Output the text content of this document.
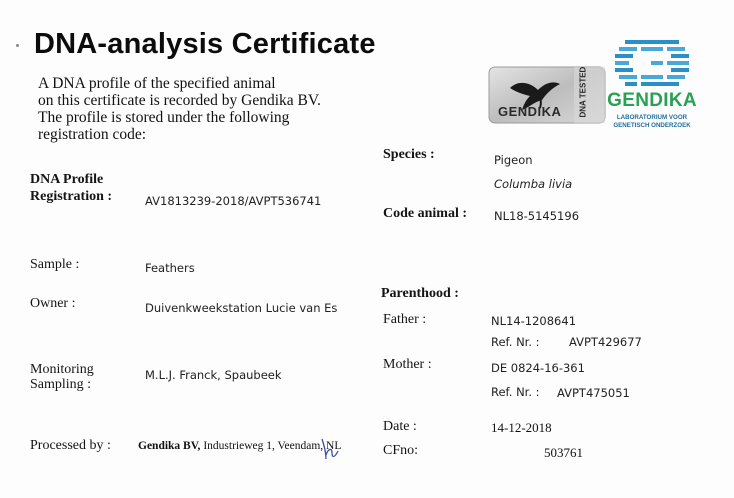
DNA-analysis Certificate
A DNA profile of the specified animal
on this certificate is recorded by Gendika BV.
The profile is stored under the following
registration code:
GENDIKA DNA TESTED GENDIKA
LABORATORIUM VOOR
GENETISCH ONDERZOEK
DNA Profile
Registration :	AV1813239-2018/AVPT536741
Sample :	Feathers
Owner :	Duivenkweekstation Lucie van Es
Monitoring
Sampling :
M.L.J. Franck, Spaubeek
Processed by : Gendika BV, Industrieweg 1, Veendam, NL
Species :	Pigeon
Columba livia
Code animal : NL18-5145196
Parenthood :
Father :	NL14-1208641
Ref. Nr. :	AVPT429677
Mother :	DE 0824-16-361
Ref. Nr. : AVPT475051
Date :	14-12-2018
CFno:	503761
